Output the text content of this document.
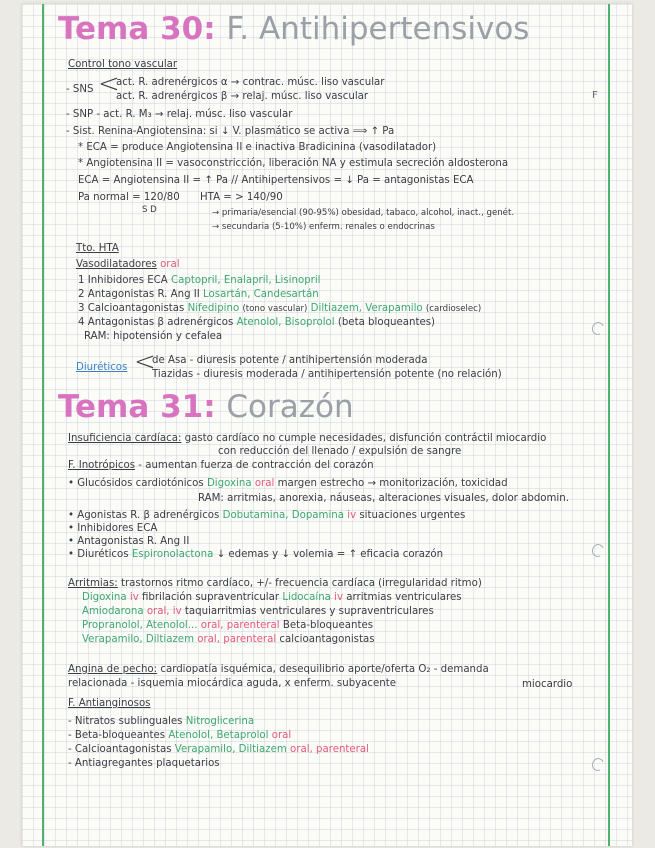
F
Tema 30: F. Antihipertensivos
Control tono vascular
- SNS <
act. R. adrenérgicos α → contrac. músc. liso vascular
act. R. adrenérgicos β → relaj. músc. liso vascular
- SNP - act. R. M₃ → relaj. músc. liso vascular
- Sist. Renina-Angiotensina: si ↓ V. plasmático se activa ⟹ ↑ Pa
* ECA = produce Angiotensina II e inactiva Bradicinina (vasodilatador)
* Angiotensina II = vasoconstricción, liberación NA y estimula secreción aldosterona
ECA = Angiotensina II = ↑ Pa // Antihipertensivos = ↓ Pa = antagonistas ECA
Pa normal = 120/80
S D
HTA = > 140/90
→ primaria/esencial (90-95%) obesidad, tabaco, alcohol, inact., genét.
→ secundaria (5-10%) enferm. renales o endocrinas
Tto. HTA
Vasodilatadores oral
1 Inhibidores ECA Captopril, Enalapril, Lisinopril
2 Antagonistas R. Ang II Losartán, Candesartán
3 Calcioantagonistas Nifedipino (tono vascular) Diltiazem, Verapamilo (cardioselec)
4 Antagonistas β adrenérgicos Atenolol, Bisoprolol (beta bloqueantes)
RAM: hipotensión y cefalea
Diuréticos <
de Asa - diuresis potente / antihipertensión moderada
Tiazidas - diuresis moderada / antihipertensión potente (no relación)
Tema 31: Corazón
Insuficiencia cardíaca: gasto cardíaco no cumple necesidades, disfunción contráctil miocardio
con reducción del llenado / expulsión de sangre
F. Inotrópicos - aumentan fuerza de contracción del corazón
• Glucósidos cardiotónicos Digoxina oral margen estrecho → monitorización, toxicidad
RAM: arritmias, anorexia, náuseas, alteraciones visuales, dolor abdomin.
• Agonistas R. β adrenérgicos Dobutamina, Dopamina iv situaciones urgentes
• Inhibidores ECA
• Antagonistas R. Ang II
• Diuréticos Espironolactona ↓ edemas y ↓ volemia = ↑ eficacia corazón
Arritmias: trastornos ritmo cardíaco, +/- frecuencia cardíaca (irregularidad ritmo)
Digoxina iv fibrilación supraventricular Lidocaína iv arritmias ventriculares
Amiodarona oral, iv taquiarritmias ventriculares y supraventriculares
Propranolol, Atenolol... oral, parenteral Beta-bloqueantes
Verapamilo, Diltiazem oral, parenteral calcioantagonistas
Angina de pecho: cardiopatía isquémica, desequilibrio aporte/oferta O₂ - demanda
relacionada - isquemia miocárdica aguda, x enferm. subyacente	miocardio
F. Antianginosos
- Nitratos sublinguales Nitroglicerina
- Beta-bloqueantes Atenolol, Betaprolol oral
- Calcioantagonistas Verapamilo, Diltiazem oral, parenteral
- Antiagregantes plaquetarios
